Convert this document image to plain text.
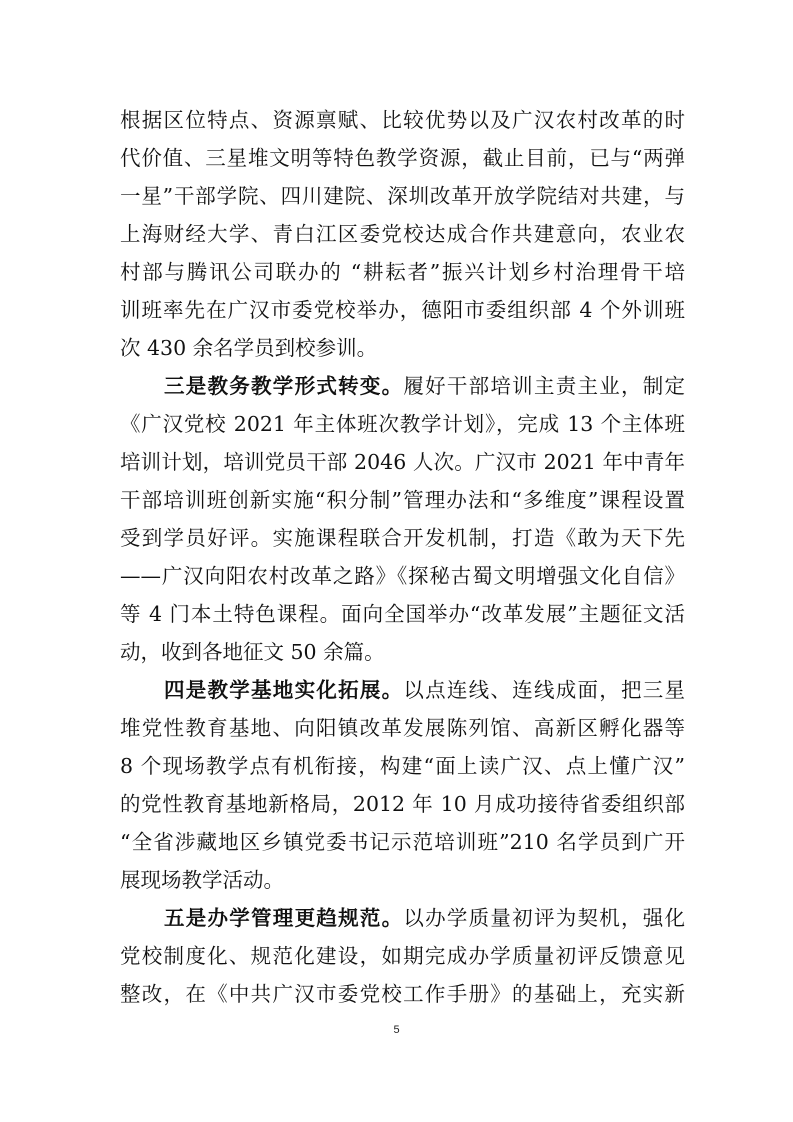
根据区位特点、资源禀赋、比较优势以及广汉农村改革的时
代价值、三星堆文明等特色教学资源，截止目前，已与“两弹
一星”干部学院、四川建院、深圳改革开放学院结对共建，与
上海财经大学、青白江区委党校达成合作共建意向，农业农
村部与腾讯公司联办的 “耕耘者”振兴计划乡村治理骨干培
训班率先在广汉市委党校举办，德阳市委组织部 4 个外训班
次 430 余名学员到校参训。
三是教务教学形式转变。履好干部培训主责主业，制定
《广汉党校 2021 年主体班次教学计划》，完成 13 个主体班
培训计划，培训党员干部 2046 人次。广汉市 2021 年中青年
干部培训班创新实施“积分制”管理办法和“多维度”课程设置
受到学员好评。实施课程联合开发机制，打造《敢为天下先
——广汉向阳农村改革之路》《探秘古蜀文明增强文化自信》
等 4 门本土特色课程。面向全国举办“改革发展”主题征文活
动，收到各地征文 50 余篇。
四是教学基地实化拓展。以点连线、连线成面，把三星
堆党性教育基地、向阳镇改革发展陈列馆、高新区孵化器等
8 个现场教学点有机衔接，构建“面上读广汉、点上懂广汉”
的党性教育基地新格局，2012 年 10 月成功接待省委组织部
“全省涉藏地区乡镇党委书记示范培训班”210 名学员到广开
展现场教学活动。
五是办学管理更趋规范。以办学质量初评为契机，强化
党校制度化、规范化建设，如期完成办学质量初评反馈意见
整改，在《中共广汉市委党校工作手册》的基础上，充实新
5
